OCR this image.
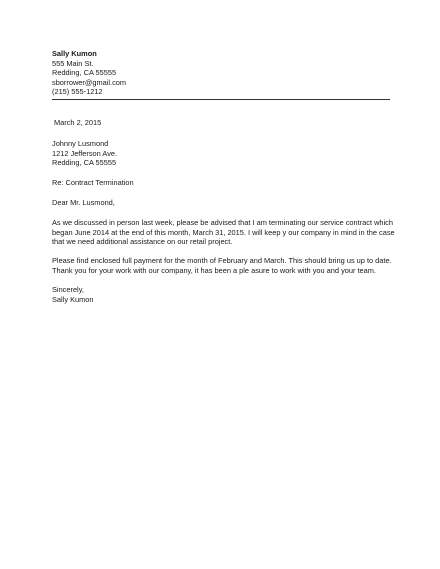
Sally Kumon
555 Main St.
Redding, CA 55555
sborrower@gmail.com
(215) 555-1212
March 2, 2015
Johnny Lusmond
1212 Jefferson Ave.
Redding, CA 55555
Re: Contract Termination
Dear Mr. Lusmond,
As we discussed in person last week, please be advised that I am terminating our service contract which
began June 2014 at the end of this month, March 31, 2015. I will keep y our company in mind in the case
that we need additional assistance on our retail project.
Please find enclosed full payment for the month of February and March. This should bring us up to date.
Thank you for your work with our company, it has been a ple asure to work with you and your team.
Sincerely,
Sally Kumon
